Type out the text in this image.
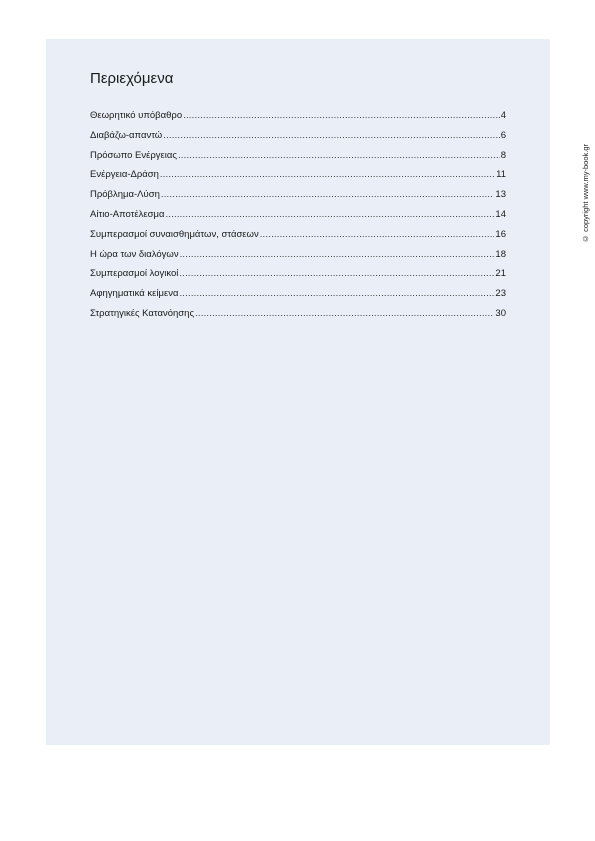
Περιεχόμενα
Θεωρητικό υπόβαθρο .....	4
Διαβάζω-απαντώ .....	6
Πρόσωπο Ενέργειας .....	8
Ενέργεια-Δράση .....	11
Πρόβλημα-Λύση .....	13
Αίτιο-Αποτέλεσμα .....	14
Συμπερασμοί συναισθημάτων, στάσεων .....	16
Η ώρα των διαλόγων .....	18
Συμπερασμοί λογικοί .....	21
Αφηγηματικά κείμενα .....	23
Στρατηγικές Κατανόησης .....	30
© copyright www.my-book.gr
